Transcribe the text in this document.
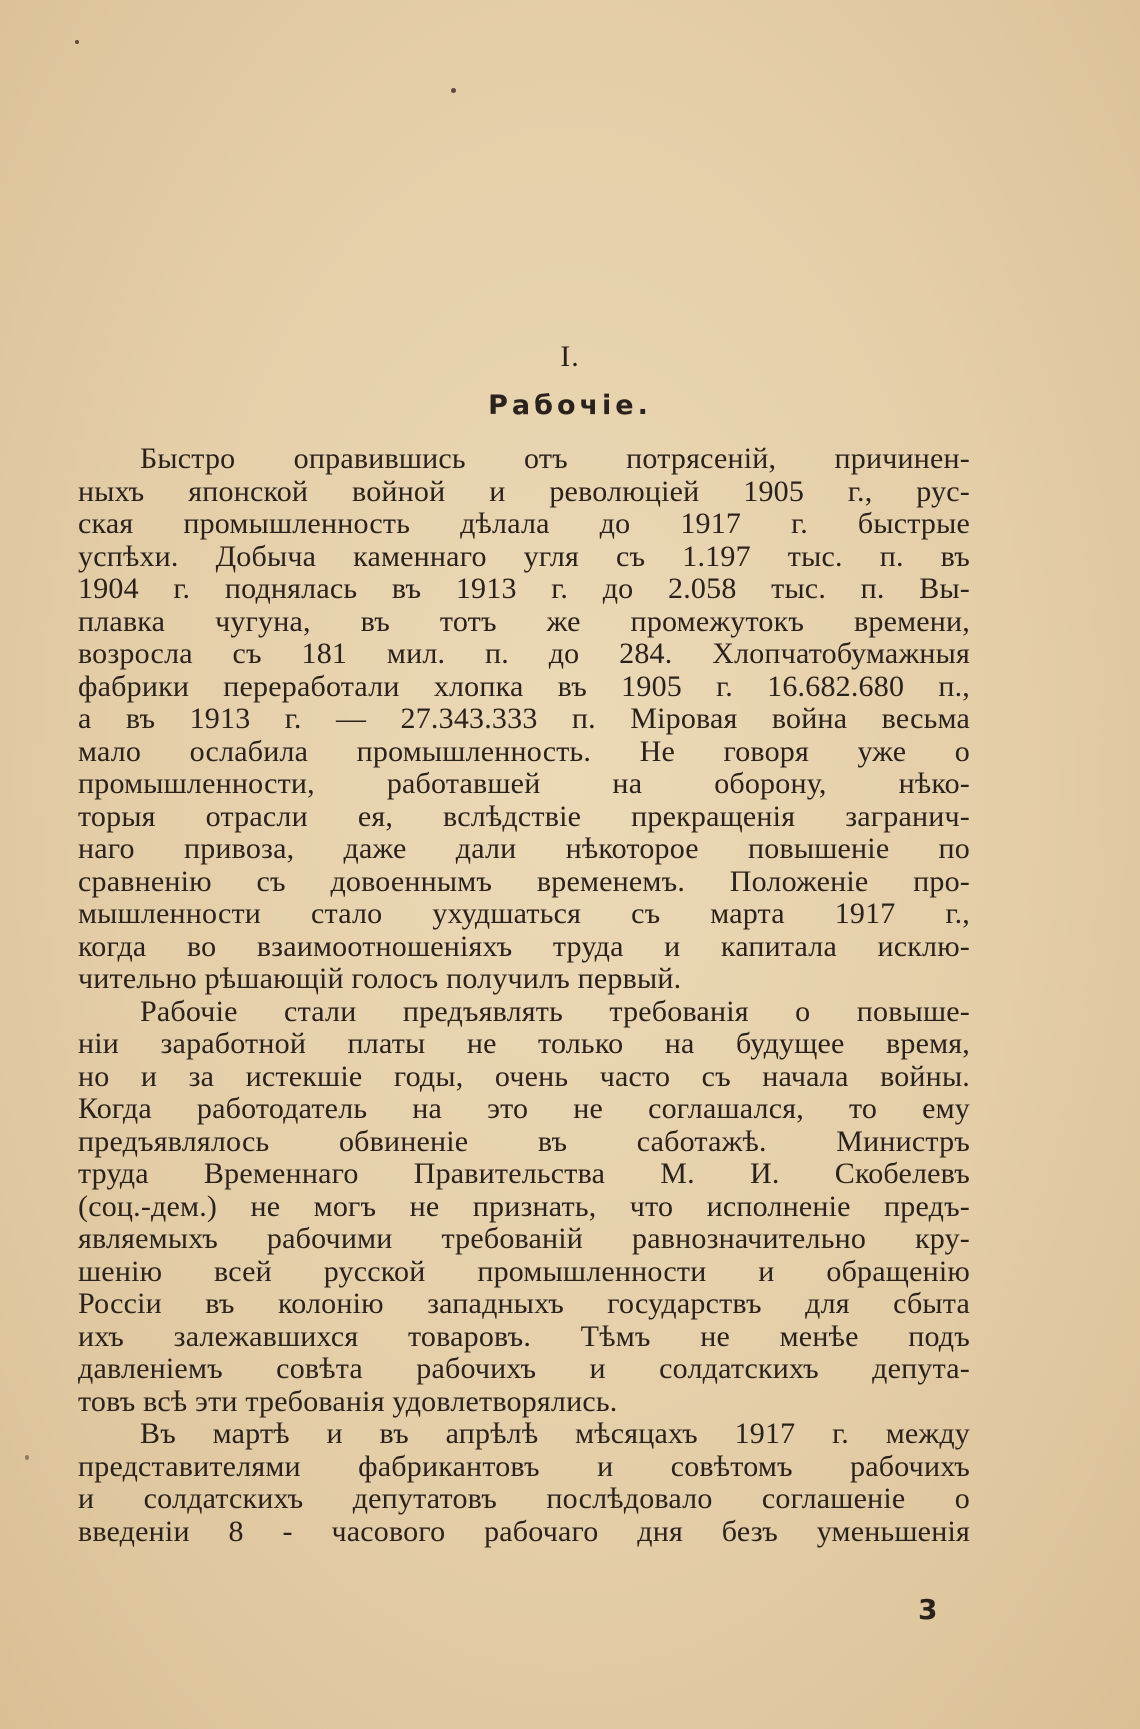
I.
Рабочіе.
Быстро оправившись отъ потрясеній, причинен-
ныхъ японской войной и революціей 1905 г., рус-
ская промышленность дѣлала до 1917 г. быстрые
успѣхи. Добыча каменнаго угля съ 1.197 тыс. п. въ
1904 г. поднялась въ 1913 г. до 2.058 тыс. п. Вы-
плавка чугуна, въ тотъ же промежутокъ времени,
возросла съ 181 мил. п. до 284. Хлопчатобумажныя
фабрики переработали хлопка въ 1905 г. 16.682.680 п.,
а въ 1913 г. — 27.343.333 п. Міровая война весьма
мало ослабила промышленность. Не говоря уже о
промышленности, работавшей на оборону, нѣко-
торыя отрасли ея, вслѣдствіе прекращенія загранич-
наго привоза, даже дали нѣкоторое повышеніе по
сравненію съ довоеннымъ временемъ. Положеніе про-
мышленности стало ухудшаться съ марта 1917 г.,
когда во взаимоотношеніяхъ труда и капитала исклю-
чительно рѣшающій голосъ получилъ первый.
Рабочіе стали предъявлять требованія о повыше-
ніи заработной платы не только на будущее время,
но и за истекшіе годы, очень часто съ начала войны.
Когда работодатель на это не соглашался, то ему
предъявлялось обвиненіе въ саботажѣ. Министръ
труда Временнаго Правительства М. И. Скобелевъ
(соц.-дем.) не могъ не признать, что исполненіе предъ-
являемыхъ рабочими требованій равнозначительно кру-
шенію всей русской промышленности и обращенію
Россіи въ колонію западныхъ государствъ для сбыта
ихъ залежавшихся товаровъ. Тѣмъ не менѣе подъ
давленіемъ совѣта рабочихъ и солдатскихъ депута-
товъ всѣ эти требованія удовлетворялись.
Въ мартѣ и въ апрѣлѣ мѣсяцахъ 1917 г. между
представителями фабрикантовъ и совѣтомъ рабочихъ
и солдатскихъ депутатовъ послѣдовало соглашеніе о
введеніи 8 - часового рабочаго дня безъ уменьшенія
3
